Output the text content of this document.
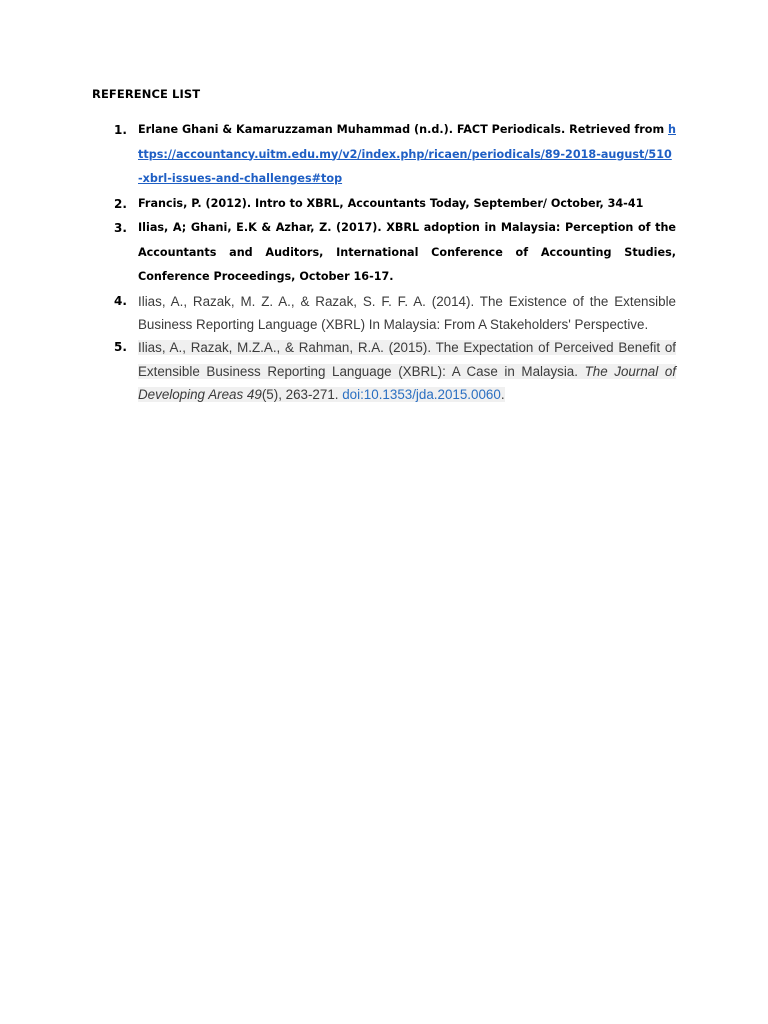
REFERENCE LIST
1. Erlane Ghani & Kamaruzzaman Muhammad (n.d.). FACT Periodicals. Retrieved from https://accountancy.uitm.edu.my/v2/index.php/ricaen/periodicals/89-2018-august/510-xbrl-issues-and-challenges#top
2. Francis, P. (2012). Intro to XBRL, Accountants Today, September/ October, 34-41
3. Ilias, A; Ghani, E.K & Azhar, Z. (2017). XBRL adoption in Malaysia: Perception of the Accountants and Auditors, International Conference of Accounting Studies, Conference Proceedings, October 16-17.
4. Ilias, A., Razak, M. Z. A., & Razak, S. F. F. A. (2014). The Existence of the Extensible Business Reporting Language (XBRL) In Malaysia: From A Stakeholders' Perspective.
5. Ilias, A., Razak, M.Z.A., & Rahman, R.A. (2015). The Expectation of Perceived Benefit of Extensible Business Reporting Language (XBRL): A Case in Malaysia. The Journal of Developing Areas 49(5), 263-271. doi:10.1353/jda.2015.0060.
